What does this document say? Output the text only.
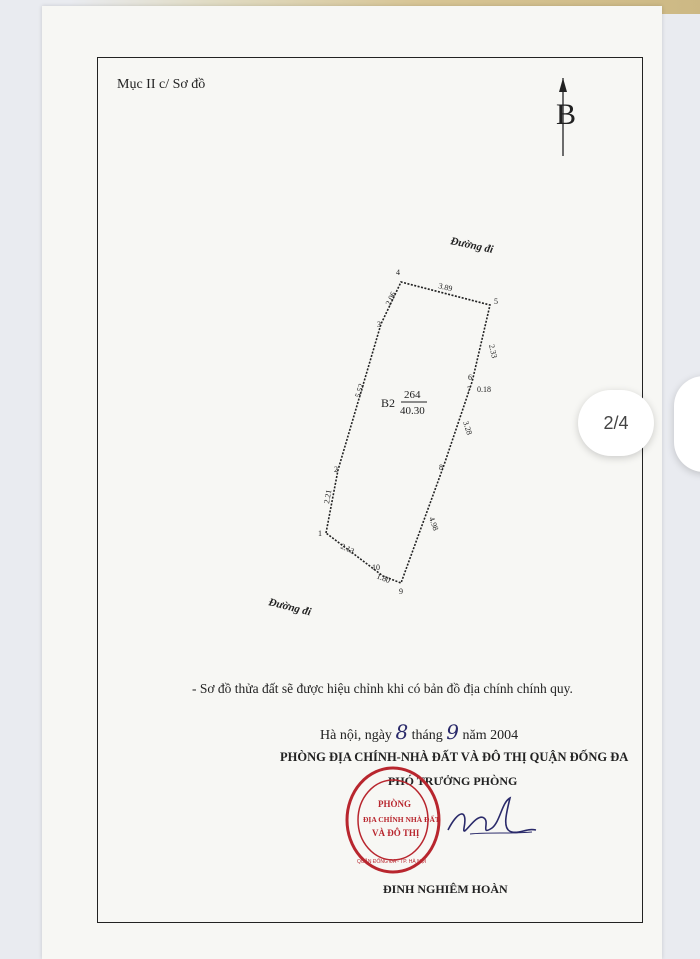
Mục II c/ Sơ đồ
B
1
2
3
4
5
6
7
8
9
10
2.21
5.52
2.06
3.89
2.33
0.18
3.28
4.98
1.80
2.13
B2
264
40.30
Đường đi
Đường đi
- Sơ đồ thửa đất sẽ được hiệu chỉnh khi có bản đồ địa chính chính quy.
Hà nội, ngày 8 tháng 9 năm 2004
PHÒNG ĐỊA CHÍNH-NHÀ ĐẤT VÀ ĐÔ THỊ QUẬN ĐỐNG ĐA
PHÓ TRƯỞNG PHÒNG
PHÒNG
ĐỊA CHÍNH NHÀ ĐẤT
VÀ ĐÔ THỊ
QUẬN ĐỐNG ĐA - TP. HÀ NỘI
ĐINH NGHIÊM HOÀN
2/4
